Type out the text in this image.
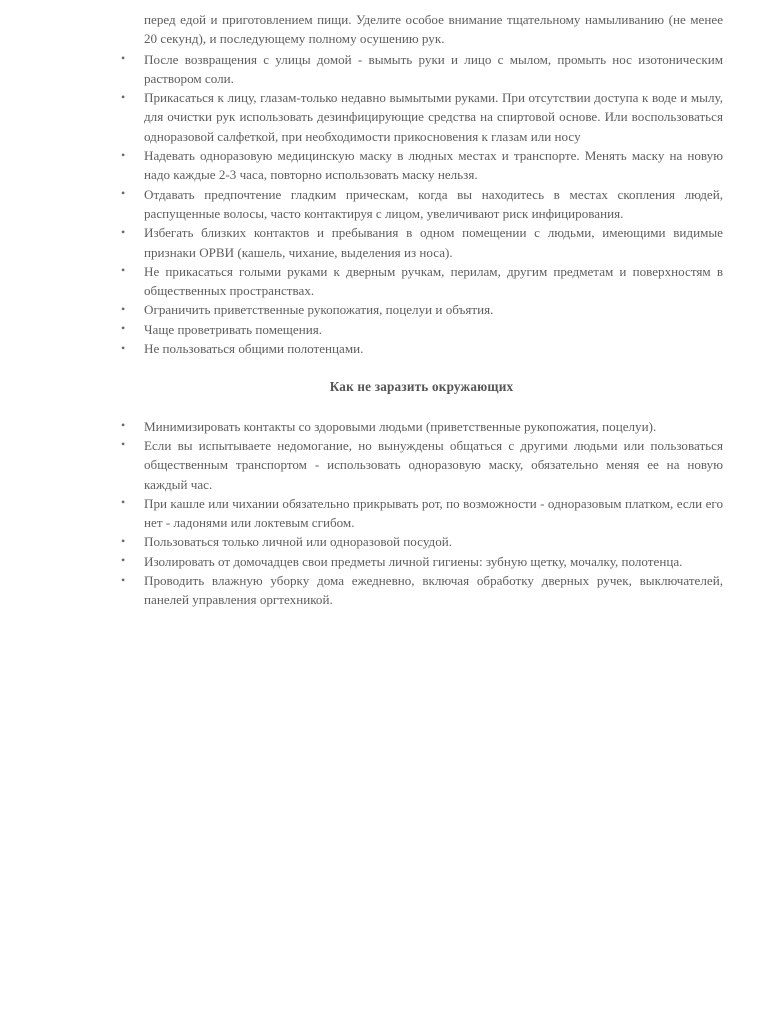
перед едой и приготовлением пищи. Уделите особое внимание тщательному намыливанию (не менее 20 секунд), и последующему полному осушению рук.

• После возвращения с улицы домой - вымыть руки и лицо с мылом, промыть нос изотоническим раствором соли.
• Прикасаться к лицу, глазам-только недавно вымытыми руками. При отсутствии доступа к воде и мылу, для очистки рук использовать дезинфицирующие средства на спиртовой основе. Или воспользоваться одноразовой салфеткой, при необходимости прикосновения к глазам или носу
• Надевать одноразовую медицинскую маску в людных местах и транспорте. Менять маску на новую надо каждые 2-3 часа, повторно использовать маску нельзя.
• Отдавать предпочтение гладким прическам, когда вы находитесь в местах скопления людей, распущенные волосы, часто контактируя с лицом, увеличивают риск инфицирования.
• Избегать близких контактов и пребывания в одном помещении с людьми, имеющими видимые признаки ОРВИ (кашель, чихание, выделения из носа).
• Не прикасаться голыми руками к дверным ручкам, перилам, другим предметам и поверхностям в общественных пространствах.
• Ограничить приветственные рукопожатия, поцелуи и объятия.
• Чаще проветривать помещения.
• Не пользоваться общими полотенцами.
Как не заразить окружающих
• Минимизировать контакты со здоровыми людьми (приветственные рукопожатия, поцелуи).
• Если вы испытываете недомогание, но вынуждены общаться с другими людьми или пользоваться общественным транспортом - использовать одноразовую маску, обязательно меняя ее на новую каждый час.
• При кашле или чихании обязательно прикрывать рот, по возможности - одноразовым платком, если его нет - ладонями или локтевым сгибом.
• Пользоваться только личной или одноразовой посудой.
• Изолировать от домочадцев свои предметы личной гигиены: зубную щетку, мочалку, полотенца.
• Проводить влажную уборку дома ежедневно, включая обработку дверных ручек, выключателей, панелей управления оргтехникой.
